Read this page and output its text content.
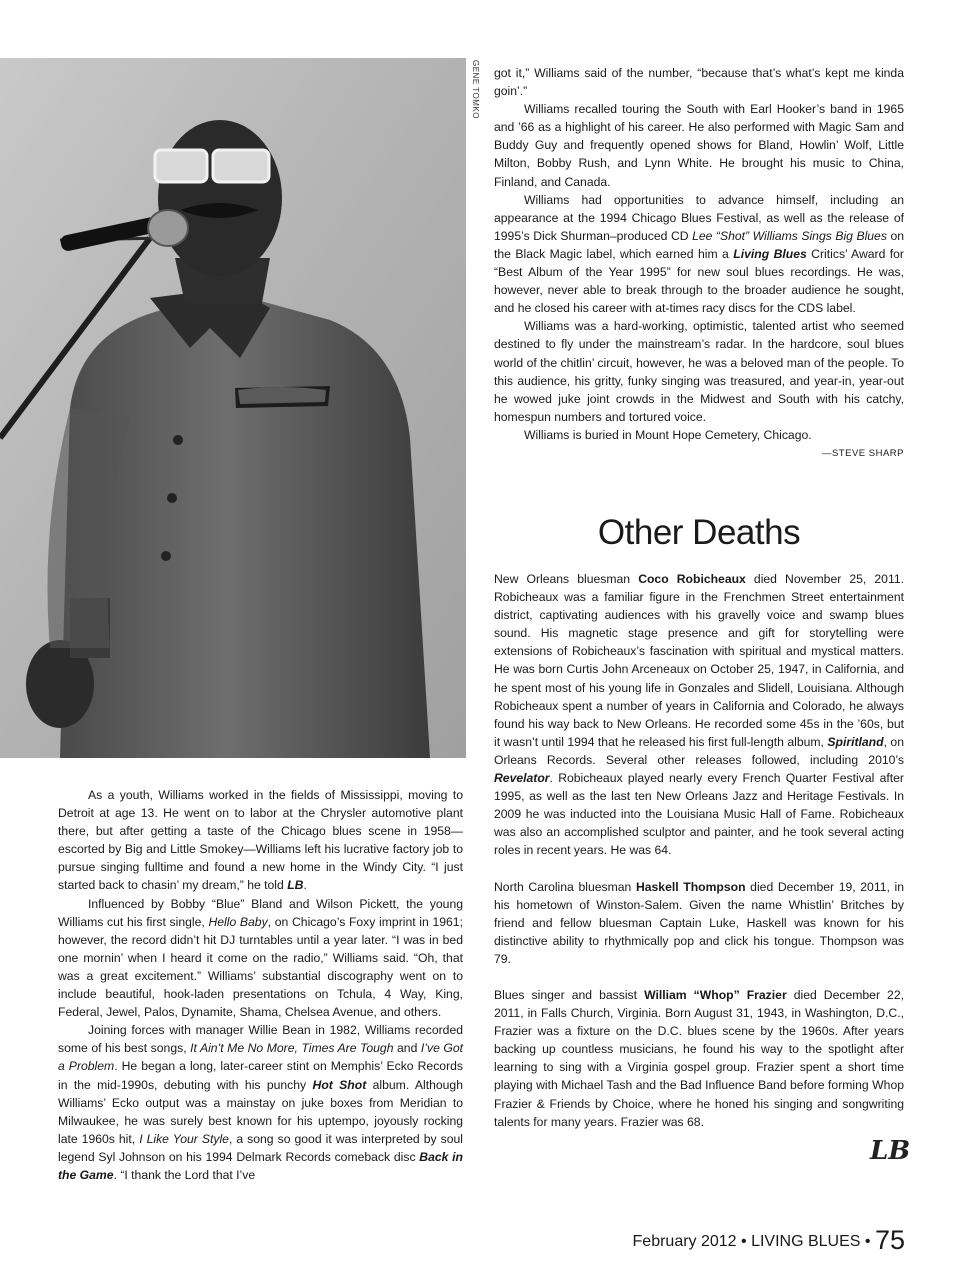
GENE TOMKO got it,” Williams said of the number, “because that’s what’s kept me kinda goin’.”

Williams recalled touring the South with Earl Hooker’s band in 1965 and ’66 as a highlight of his career. He also performed with Magic Sam and Buddy Guy and frequently opened shows for Bland, Howlin’ Wolf, Little Milton, Bobby Rush, and Lynn White. He brought his music to China, Finland, and Canada.

Williams had opportunities to advance himself, including an appearance at the 1994 Chicago Blues Festival, as well as the release of 1995’s Dick Shurman–produced CD Lee “Shot” Williams Sings Big Blues on the Black Magic label, which earned him a Living Blues Critics’ Award for “Best Album of the Year 1995” for new soul blues recordings. He was, however, never able to break through to the broader audience he sought, and he closed his career with at-times racy discs for the CDS label.

Williams was a hard-working, optimistic, talented artist who seemed destined to fly under the mainstream’s radar. In the hardcore, soul blues world of the chitlin’ circuit, however, he was a beloved man of the people. To this audience, his gritty, funky singing was treasured, and year-in, year-out he wowed juke joint crowds in the Midwest and South with his catchy, homespun numbers and tortured voice.

Williams is buried in Mount Hope Cemetery, Chicago.

—STEVE SHARP
Other Deaths

New Orleans bluesman Coco Robicheaux died November 25, 2011. Robicheaux was a familiar figure in the Frenchmen Street entertainment district, captivating audiences with his gravelly voice and swamp blues sound. His magnetic stage presence and gift for storytelling were extensions of Robicheaux’s fascination with spiritual and mystical matters. He was born Curtis John Arceneaux on October 25, 1947, in California, and he spent most of his young life in Gonzales and Slidell, Louisiana. Although Robicheaux spent a number of years in California and Colorado, he always found his way back to New Orleans. He recorded some 45s in the ’60s, but it wasn’t until 1994 that he released his first full-length album, Spiritland, on Orleans Records. Several other releases followed, including 2010’s Revelator. Robicheaux played nearly every French Quarter Festival after 1995, as well as the last ten New Orleans Jazz and Heritage Festivals. In 2009 he was inducted into the Louisiana Music Hall of Fame. Robicheaux was also an accomplished sculptor and painter, and he took several acting roles in recent years. He was 64.

North Carolina bluesman Haskell Thompson died December 19, 2011, in his hometown of Winston-Salem. Given the name Whistlin’ Britches by friend and fellow bluesman Captain Luke, Haskell was known for his distinctive ability to rhythmically pop and click his tongue. Thompson was 79.

Blues singer and bassist William “Whop” Frazier died December 22, 2011, in Falls Church, Virginia. Born August 31, 1943, in Washington, D.C., Frazier was a fixture on the D.C. blues scene by the 1960s. After years backing up countless musicians, he found his way to the spotlight after learning to sing with a Virginia gospel group. Frazier spent a short time playing with Michael Tash and the Bad Influence Band before forming Whop Frazier & Friends by Choice, where he honed his singing and songwriting talents for many years. Frazier was 68.

As a youth, Williams worked in the fields of Mississippi, moving to Detroit at age 13. He went on to labor at the Chrysler automotive plant there, but after getting a taste of the Chicago blues scene in 1958—escorted by Big and Little Smokey—Williams left his lucrative factory job to pursue singing fulltime and found a new home in the Windy City. “I just started back to chasin’ my dream,” he told LB.

Influenced by Bobby “Blue” Bland and Wilson Pickett, the young Williams cut his first single, Hello Baby, on Chicago’s Foxy imprint in 1961; however, the record didn’t hit DJ turntables until a year later. “I was in bed one mornin’ when I heard it come on the radio,” Williams said. “Oh, that was a great excitement.” Williams’ substantial discography went on to include beautiful, hook-laden presentations on Tchula, 4 Way, King, Federal, Jewel, Palos, Dynamite, Shama, Chelsea Avenue, and others.

Joining forces with manager Willie Bean in 1982, Williams recorded some of his best songs, It Ain’t Me No More, Times Are Tough and I’ve Got a Problem. He began a long, later-career stint on Memphis’ Ecko Records in the mid-1990s, debuting with his punchy Hot Shot album. Although Williams’ Ecko output was a mainstay on juke boxes from Meridian to Milwaukee, he was surely best known for his uptempo, joyously rocking late 1960s hit, I Like Your Style, a song so good it was interpreted by soul legend Syl Johnson on his 1994 Delmark Records comeback disc Back in the Game. “I thank the Lord that I’ve

LB
February 2012 • LIVING BLUES • 75
